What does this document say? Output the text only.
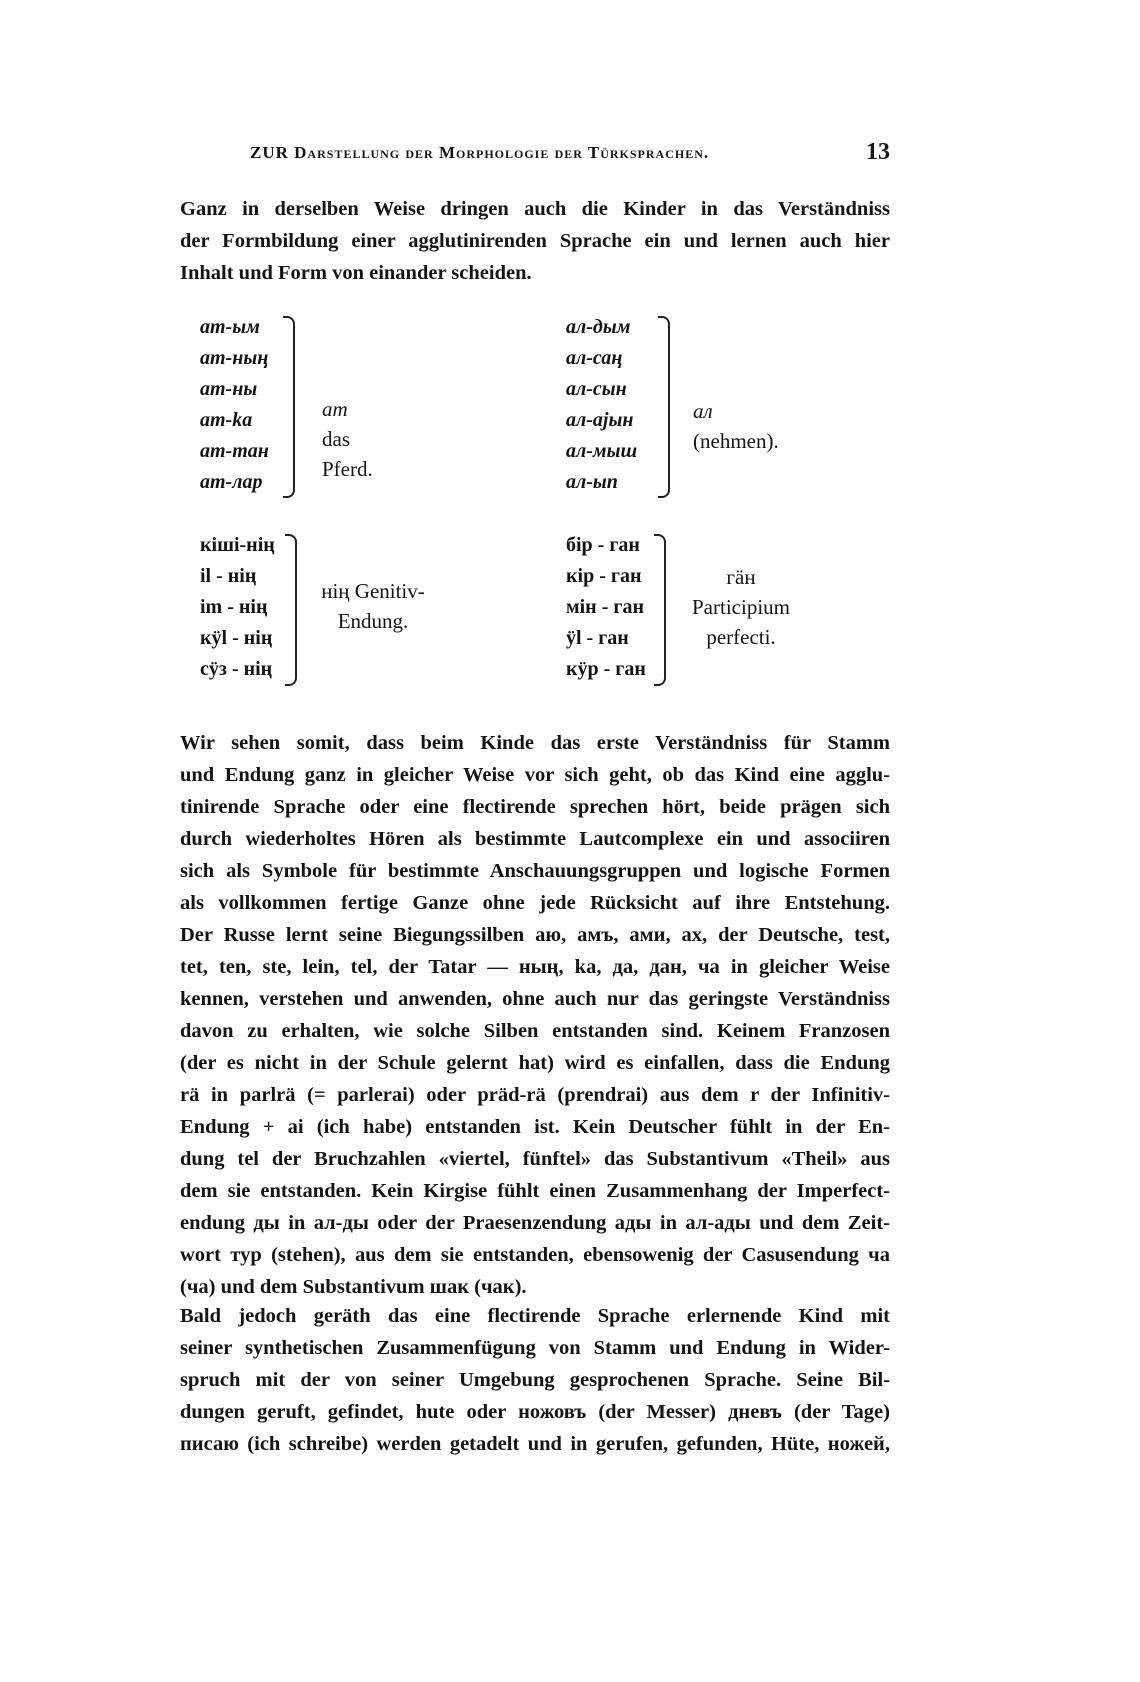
ZUR Darstellung der Morphologie der Türksprachen.	13

Ganz in derselben Weise dringen auch die Kinder in das Verständniss
der Formbildung einer agglutinirenden Sprache ein und lernen auch hier
Inhalt und Form von einander scheiden.

ат-ым
ат-ның
ат-ны
ат-ka
ат-тан
ат-лар
am das Pferd.
ал-дым
ал-саң
ал-сын
ал-ајын
ал-мыш
ал-ып
ал (nehmen).
кіші-нің
il - нің
im - нің
кӱl - нің
сӱз - нің
нің Genitiv-
Endung.
бір - ган
кір - ган
мін - ган
ӱl - ган
кӱр - ган
гäн
Participium
perfecti.

Wir sehen somit, dass beim Kinde das erste Verständniss für Stamm
und Endung ganz in gleicher Weise vor sich geht, ob das Kind eine agglu-
tinirende Sprache oder eine flectirende sprechen hört, beide prägen sich
durch wiederholtes Hören als bestimmte Lautcomplexe ein und associiren
sich als Symbole für bestimmte Anschauungsgruppen und logische Formen
als vollkommen fertige Ganze ohne jede Rücksicht auf ihre Entstehung.
Der Russe lernt seine Biegungssilben аю, амъ, ами, ах, der Deutsche, test,
tet, ten, ste, lein, tel, der Tatar — ның, ka, да, дан, ча in gleicher Weise
kennen, verstehen und anwenden, ohne auch nur das geringste Verständniss
davon zu erhalten, wie solche Silben entstanden sind. Keinem Franzosen
(der es nicht in der Schule gelernt hat) wird es einfallen, dass die Endung
rä in parlrä (= parlerai) oder präd-rä (prendrai) aus dem r der Infinitiv-
Endung + ai (ich habe) entstanden ist. Kein Deutscher fühlt in der En-
dung tel der Bruchzahlen «viertel, fünftel» das Substantivum «Theil» aus
dem sie entstanden. Kein Kirgise fühlt einen Zusammenhang der Imperfect-
endung ды in ал-ды oder der Praesenzendung ады in ал-ады und dem Zeit-
wort тур (stehen), aus dem sie entstanden, ebensowenig der Casusendung ча
(ча) und dem Substantivum шак (чак).

Bald jedoch geräth das eine flectirende Sprache erlernende Kind mit
seiner synthetischen Zusammenfügung von Stamm und Endung in Wider-
spruch mit der von seiner Umgebung gesprochenen Sprache. Seine Bil-
dungen geruft, gefindet, hute oder ножовъ (der Messer) дневъ (der Tage)
писаю (ich schreibe) werden getadelt und in gerufen, gefunden, Hüte, ножей,
